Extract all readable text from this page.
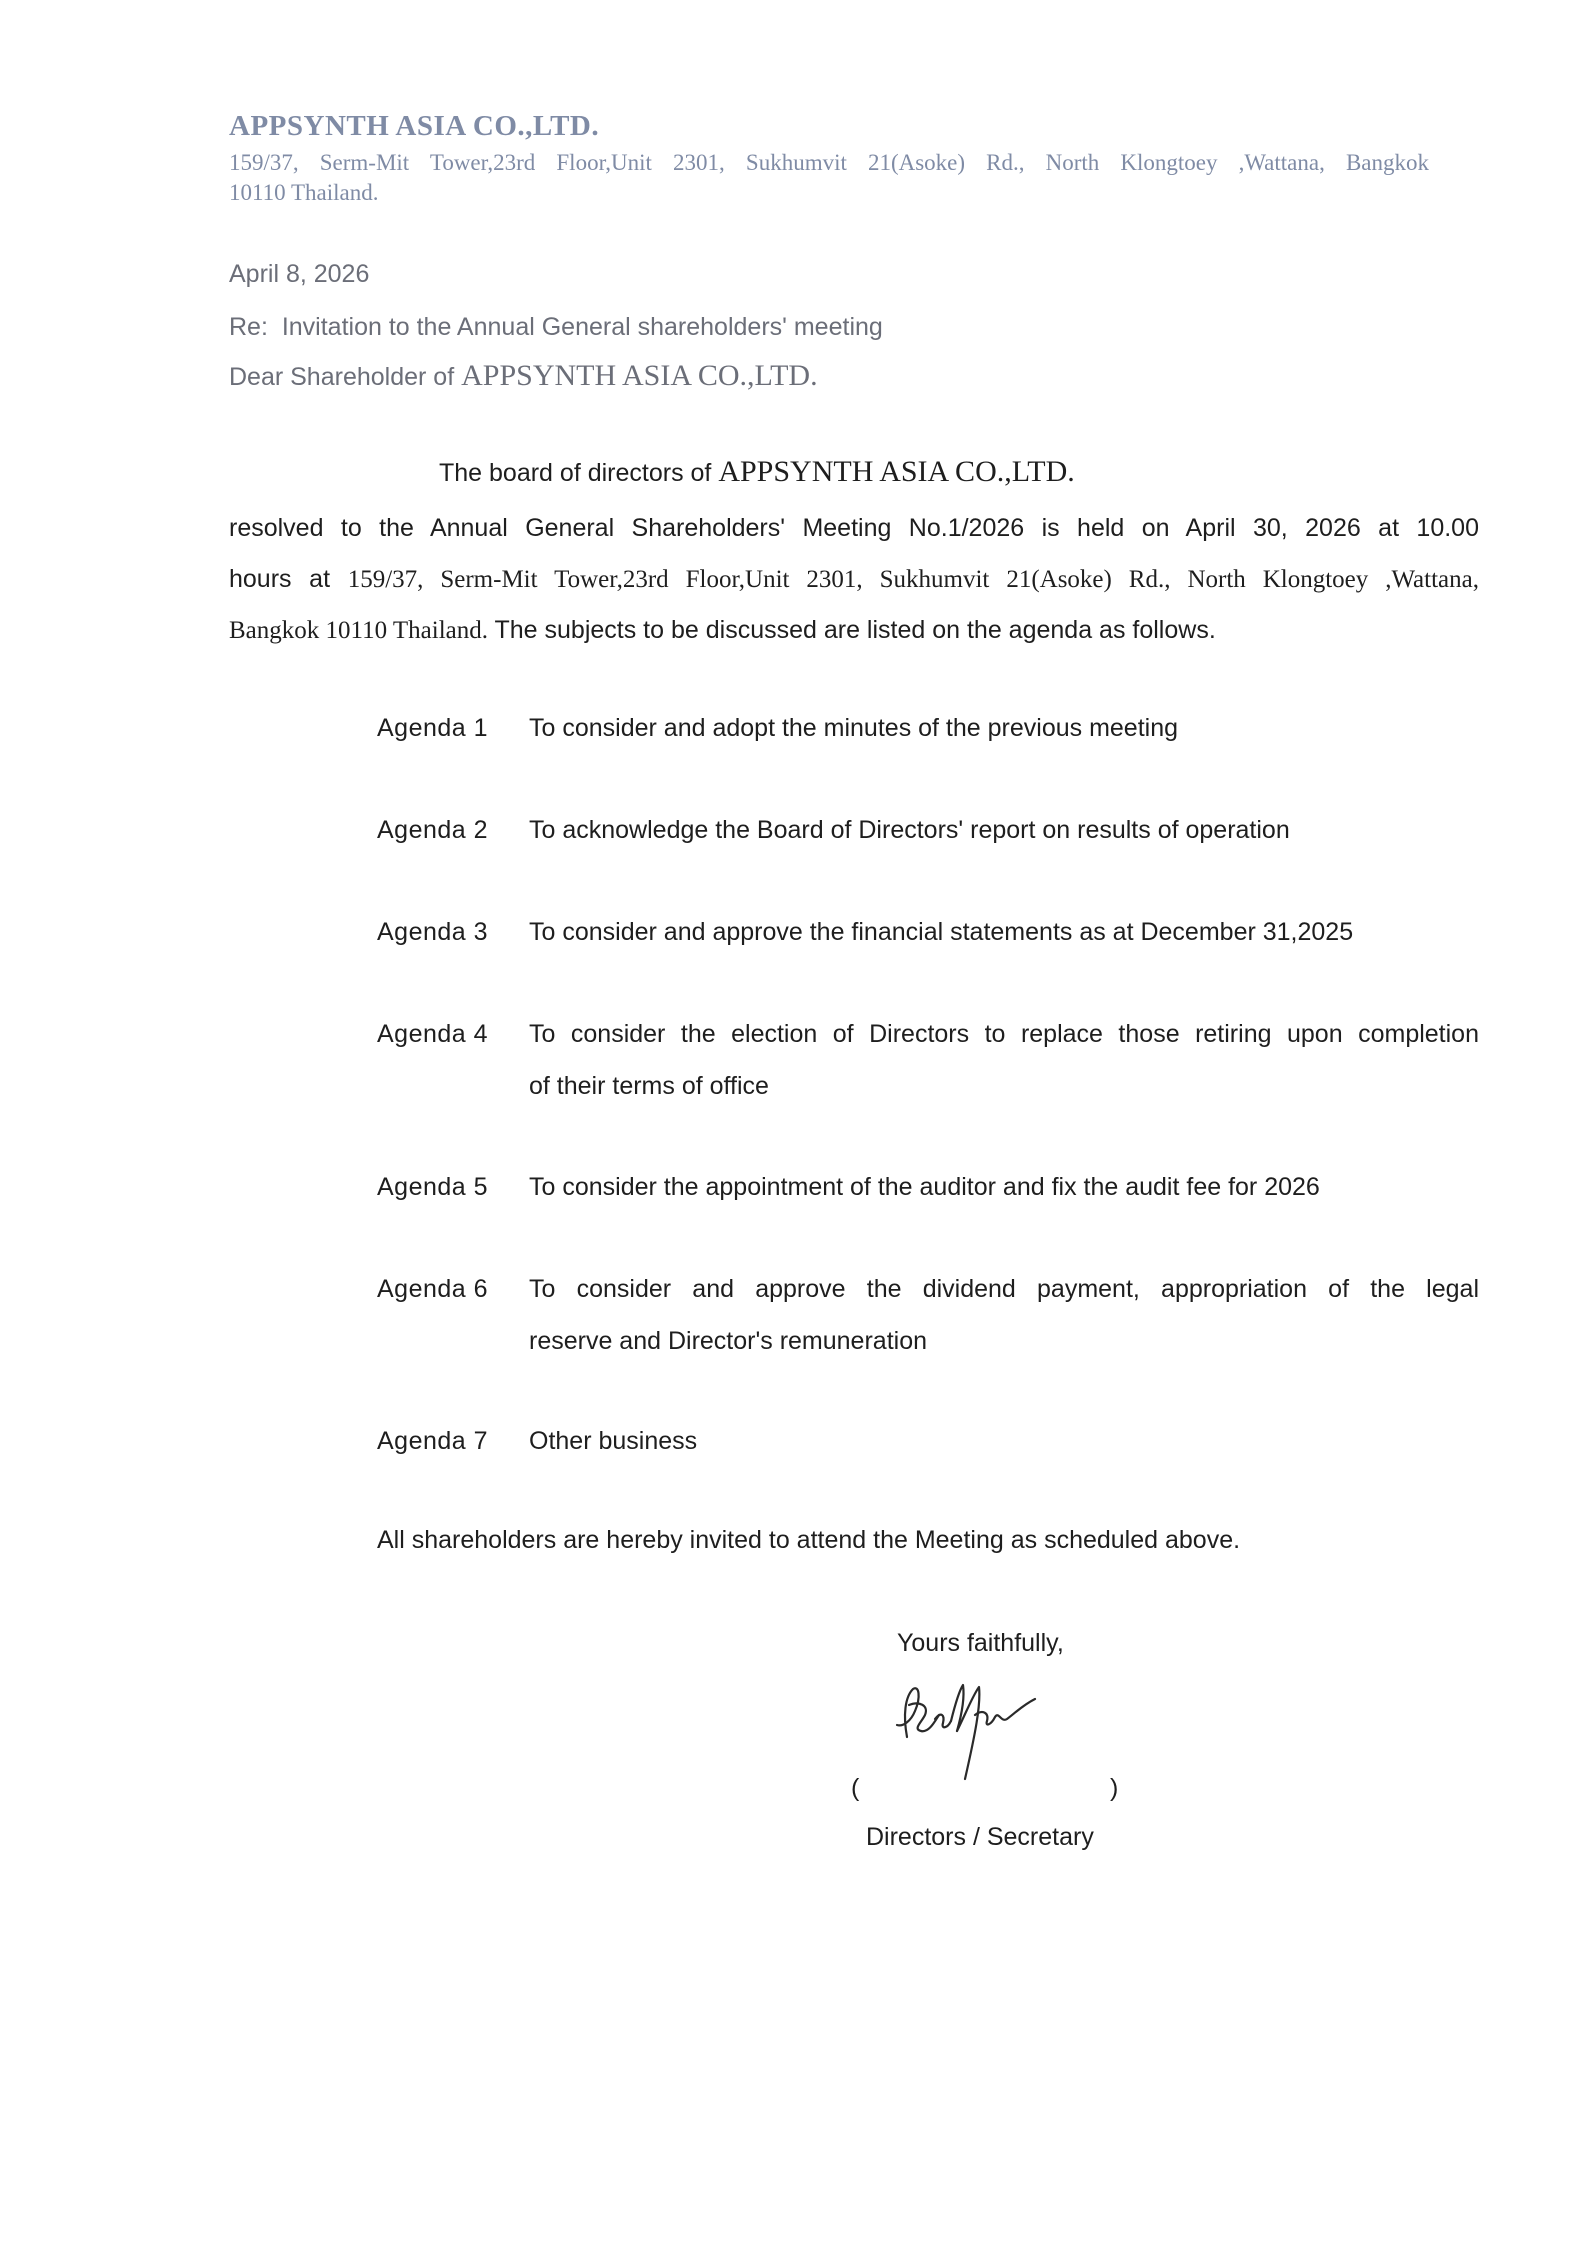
APPSYNTH ASIA CO.,LTD.
159/37, Serm-Mit Tower,23rd Floor,Unit 2301, Sukhumvit 21(Asoke) Rd., North Klongtoey ,Wattana, Bangkok
10110 Thailand.
April 8, 2026
Re: Invitation to the Annual General shareholders' meeting
Dear Shareholder of APPSYNTH ASIA CO.,LTD.
The board of directors of APPSYNTH ASIA CO.,LTD.
resolved to the Annual General Shareholders' Meeting No.1/2026 is held on April 30, 2026 at 10.00
hours at 159/37, Serm-Mit Tower,23rd Floor,Unit 2301, Sukhumvit 21(Asoke) Rd., North Klongtoey ,Wattana,
Bangkok 10110 Thailand. The subjects to be discussed are listed on the agenda as follows.
Agenda 1	To consider and adopt the minutes of the previous meeting
Agenda 2	To acknowledge the Board of Directors' report on results of operation
Agenda 3	To consider and approve the financial statements as at December 31,2025
Agenda 4	To consider the election of Directors to replace those retiring upon completion
of their terms of office
Agenda 5	To consider the appointment of the auditor and fix the audit fee for 2026
Agenda 6	To consider and approve the dividend payment, appropriation of the legal
reserve and Director's remuneration
Agenda 7	Other business
All shareholders are hereby invited to attend the Meeting as scheduled above.
Yours faithfully,
(	)
Directors / Secretary
